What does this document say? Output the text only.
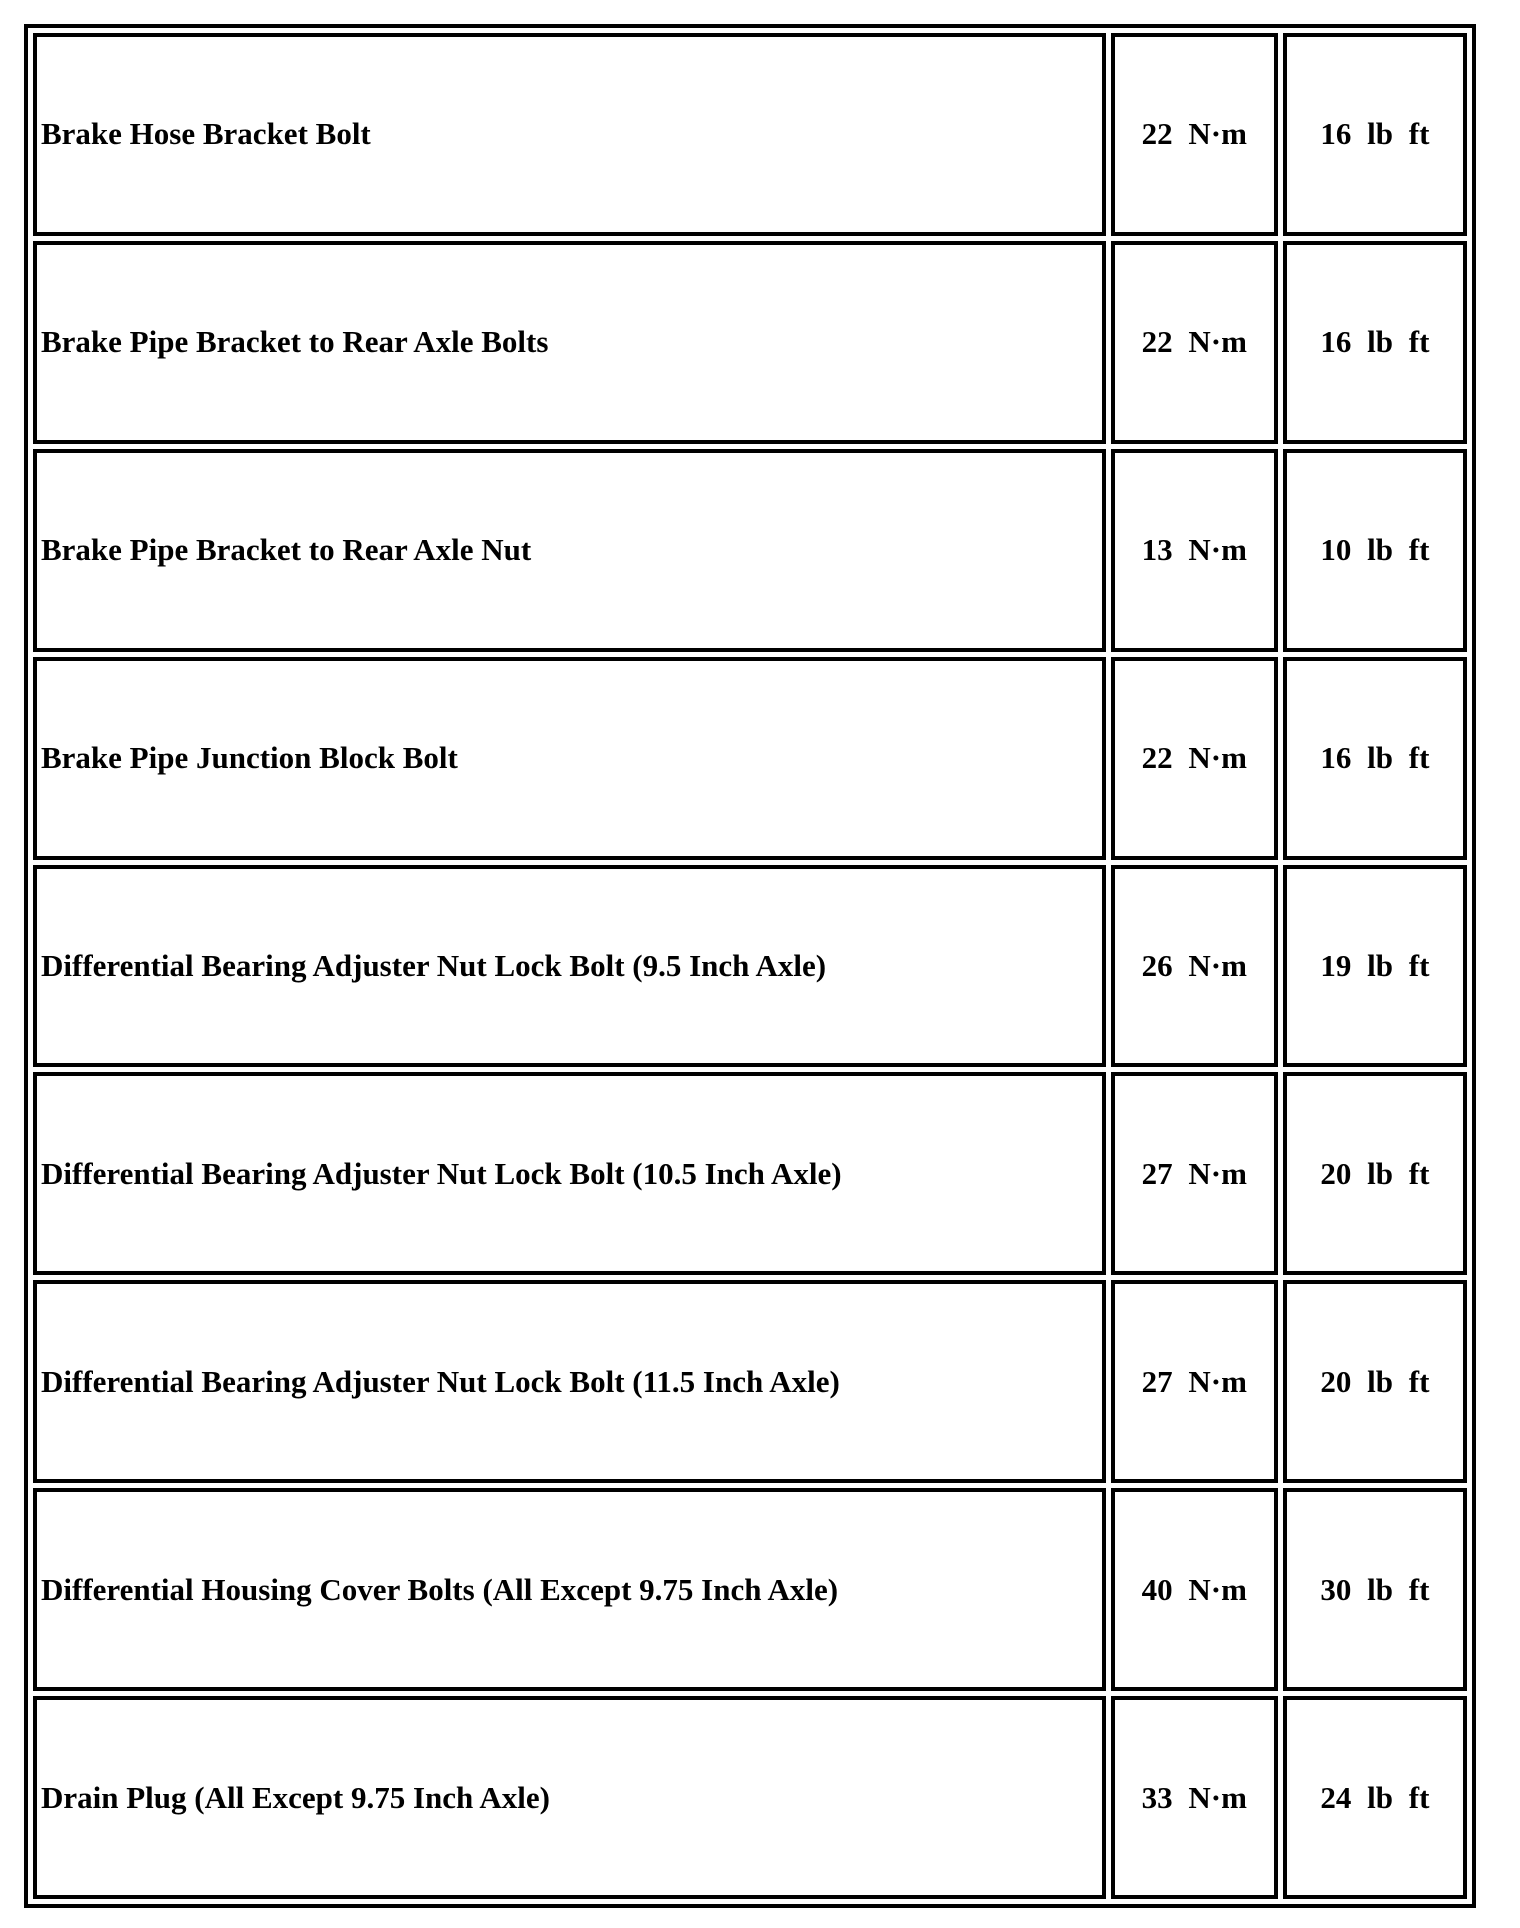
Brake Hose Bracket Bolt	22 N·m	16 lb ft
Brake Pipe Bracket to Rear Axle Bolts	22 N·m	16 lb ft
Brake Pipe Bracket to Rear Axle Nut	13 N·m	10 lb ft
Brake Pipe Junction Block Bolt	22 N·m	16 lb ft
Differential Bearing Adjuster Nut Lock Bolt (9.5 Inch Axle)	26 N·m	19 lb ft
Differential Bearing Adjuster Nut Lock Bolt (10.5 Inch Axle)	27 N·m	20 lb ft
Differential Bearing Adjuster Nut Lock Bolt (11.5 Inch Axle)	27 N·m	20 lb ft
Differential Housing Cover Bolts (All Except 9.75 Inch Axle)	40 N·m	30 lb ft
Drain Plug (All Except 9.75 Inch Axle)	33 N·m	24 lb ft
